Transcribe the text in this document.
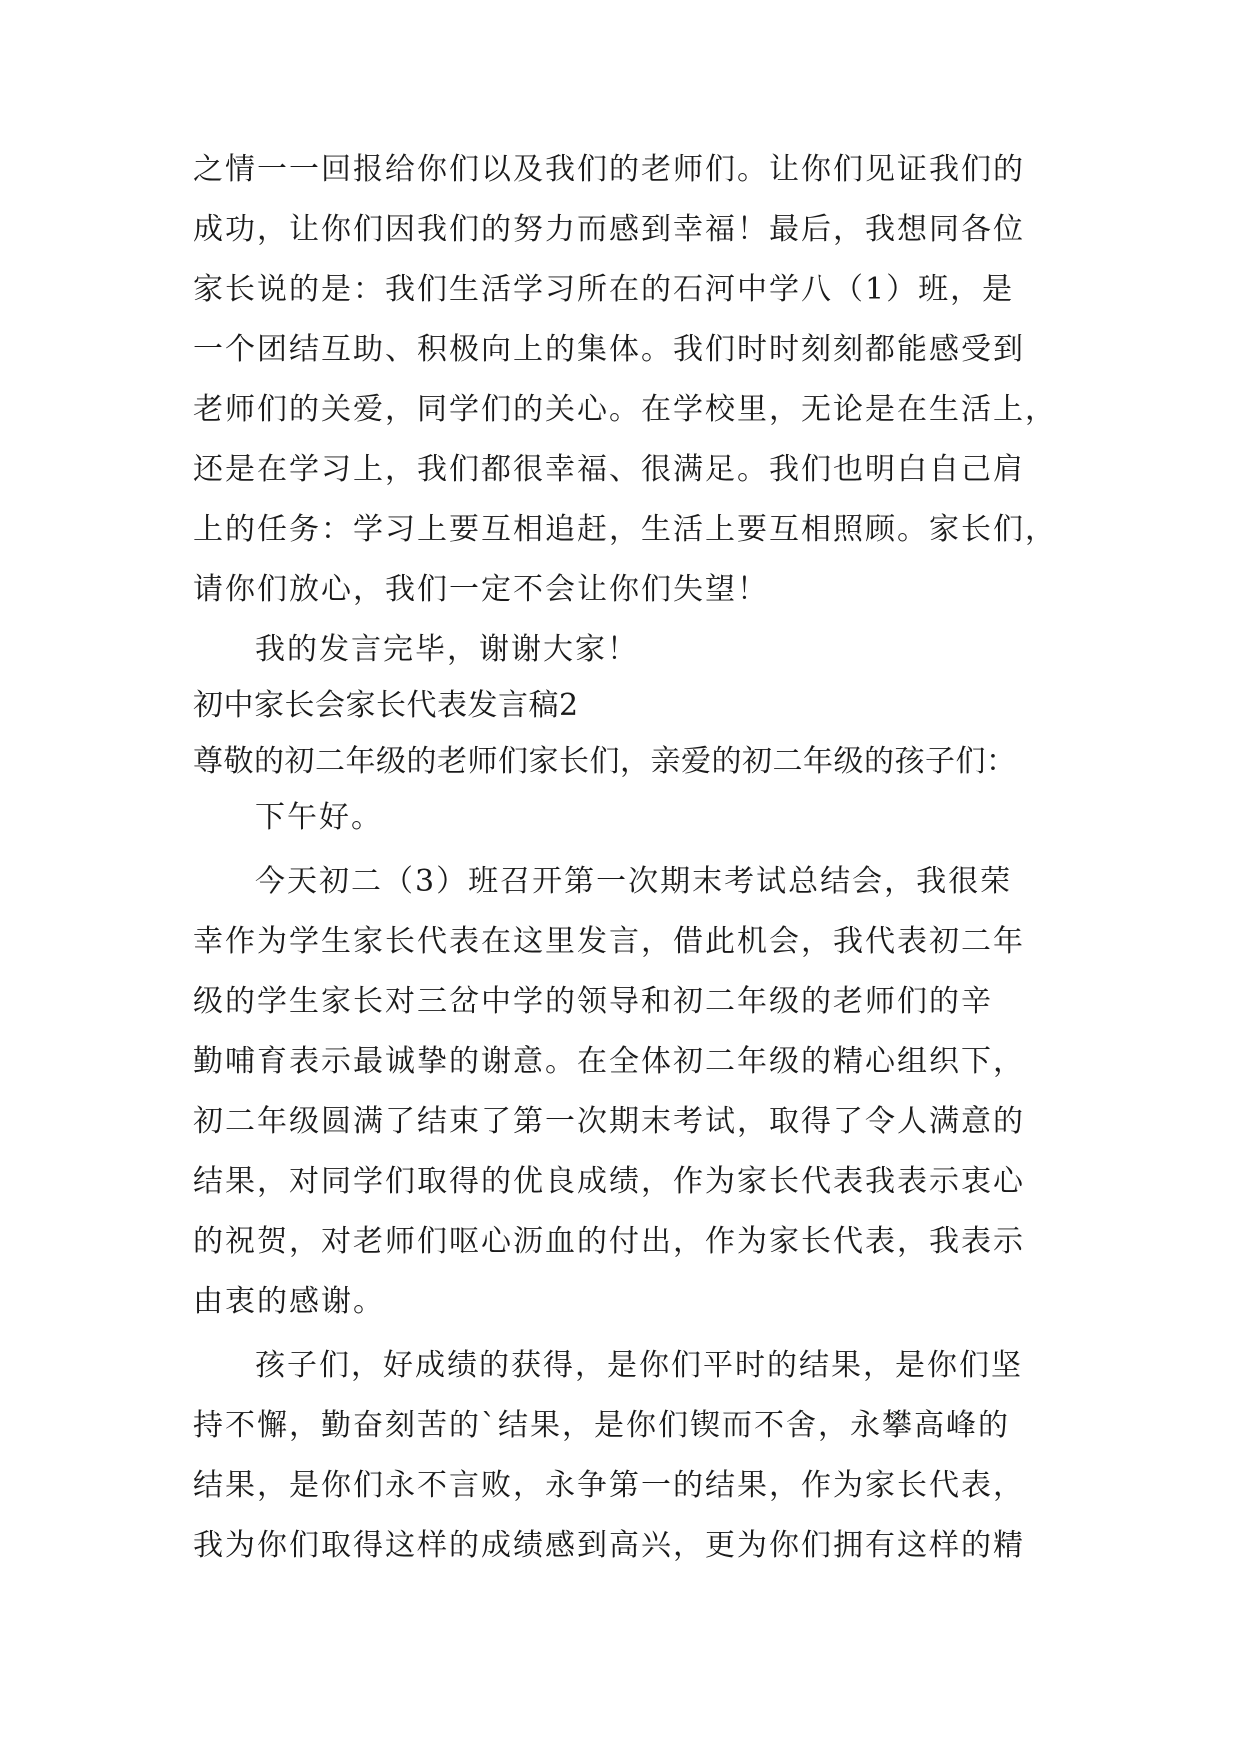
之情一一回报给你们以及我们的老师们。让你们见证我们的
成功，让你们因我们的努力而感到幸福！最后，我想同各位
家长说的是：我们生活学习所在的石河中学八（1）班，是
一个团结互助、积极向上的集体。我们时时刻刻都能感受到
老师们的关爱，同学们的关心。在学校里，无论是在生活上，
还是在学习上，我们都很幸福、很满足。我们也明白自己肩
上的任务：学习上要互相追赶，生活上要互相照顾。家长们，
请你们放心，我们一定不会让你们失望！
我的发言完毕，谢谢大家！
初中家长会家长代表发言稿2
尊敬的初二年级的老师们家长们，亲爱的初二年级的孩子们：
下午好。
今天初二（3）班召开第一次期末考试总结会，我很荣
幸作为学生家长代表在这里发言，借此机会，我代表初二年
级的学生家长对三岔中学的领导和初二年级的老师们的辛
勤哺育表示最诚挚的谢意。在全体初二年级的精心组织下，
初二年级圆满了结束了第一次期末考试，取得了令人满意的
结果，对同学们取得的优良成绩，作为家长代表我表示衷心
的祝贺，对老师们呕心沥血的付出，作为家长代表，我表示
由衷的感谢。
孩子们，好成绩的获得，是你们平时的结果，是你们坚
持不懈，勤奋刻苦的`结果，是你们锲而不舍，永攀高峰的
结果，是你们永不言败，永争第一的结果，作为家长代表，
我为你们取得这样的成绩感到高兴，更为你们拥有这样的精
